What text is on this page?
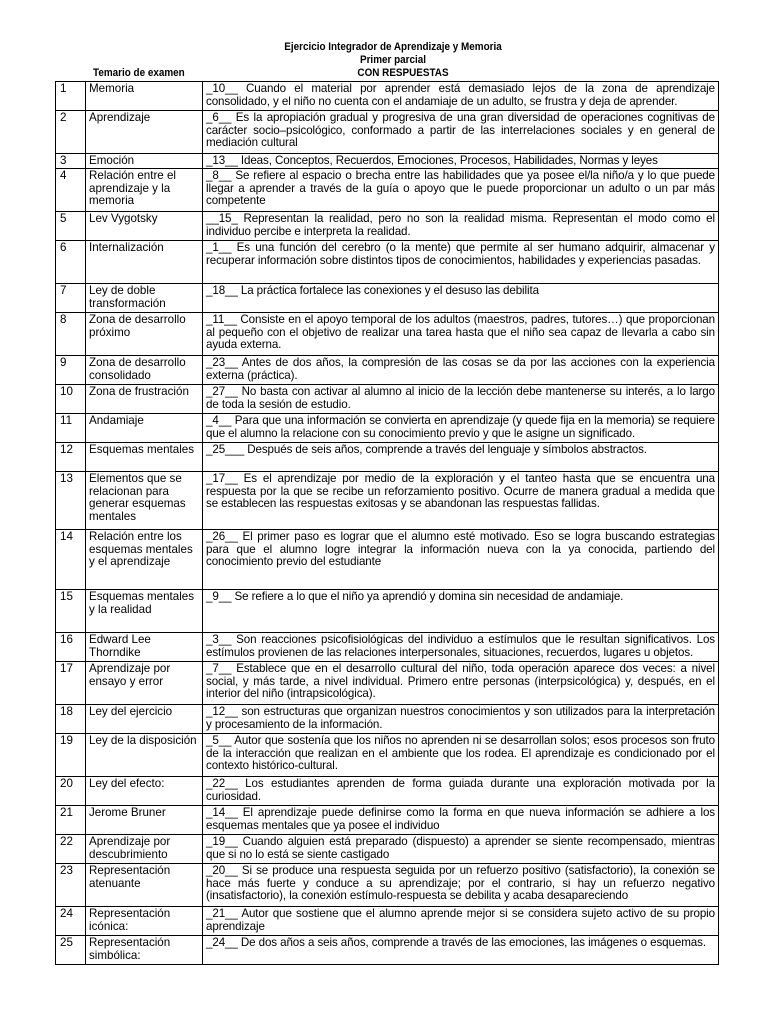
Ejercicio Integrador de Aprendizaje y Memoria
Primer parcial
Temario de examen	CON RESPUESTAS
1	Memoria	_10__ Cuando el material por aprender está demasiado lejos de la zona de aprendizaje consolidado, y el niño no cuenta con el andamiaje de un adulto, se frustra y deja de aprender.
2	Aprendizaje	_6__ Es la apropiación gradual y progresiva de una gran diversidad de operaciones cognitivas de carácter socio–psicológico, conformado a partir de las interrelaciones sociales y en general de mediación cultural
3	Emoción	_13__ Ideas, Conceptos, Recuerdos, Emociones, Procesos, Habilidades, Normas y leyes
4	Relación entre el aprendizaje y la memoria	_8__ Se refiere al espacio o brecha entre las habilidades que ya posee el/la niño/a y lo que puede llegar a aprender a través de la guía o apoyo que le puede proporcionar un adulto o un par más competente
5	Lev Vygotsky	__15_ Representan la realidad, pero no son la realidad misma. Representan el modo como el individuo percibe e interpreta la realidad.
6	Internalización	_1__ Es una función del cerebro (o la mente) que permite al ser humano adquirir, almacenar y recuperar información sobre distintos tipos de conocimientos, habilidades y experiencias pasadas.
7	Ley de doble transformación	_18__ La práctica fortalece las conexiones y el desuso las debilita
8	Zona de desarrollo próximo	_11__ Consiste en el apoyo temporal de los adultos (maestros, padres, tutores…) que proporcionan al pequeño con el objetivo de realizar una tarea hasta que el niño sea capaz de llevarla a cabo sin ayuda externa.
9	Zona de desarrollo consolidado	_23__ Antes de dos años, la compresión de las cosas se da por las acciones con la experiencia externa (práctica).
10	Zona de frustración	_27__ No basta con activar al alumno al inicio de la lección debe mantenerse su interés, a lo largo de toda la sesión de estudio.
11	Andamiaje	_4__ Para que una información se convierta en aprendizaje (y quede fija en la memoria) se requiere que el alumno la relacione con su conocimiento previo y que le asigne un significado.
12	Esquemas mentales	_25___ Después de seis años, comprende a través del lenguaje y símbolos abstractos.
13	Elementos que se relacionan para generar esquemas mentales	_17__ Es el aprendizaje por medio de la exploración y el tanteo hasta que se encuentra una respuesta por la que se recibe un reforzamiento positivo. Ocurre de manera gradual a medida que se establecen las respuestas exitosas y se abandonan las respuestas fallidas.
14	Relación entre los esquemas mentales y el aprendizaje	_26__ El primer paso es lograr que el alumno esté motivado. Eso se logra buscando estrategias para que el alumno logre integrar la información nueva con la ya conocida, partiendo del conocimiento previo del estudiante
15	Esquemas mentales y la realidad	_9__ Se refiere a lo que el niño ya aprendió y domina sin necesidad de andamiaje.
16	Edward Lee Thorndike	_3__ Son reacciones psicofisiológicas del individuo a estímulos que le resultan significativos. Los estímulos provienen de las relaciones interpersonales, situaciones, recuerdos, lugares u objetos.
17	Aprendizaje por ensayo y error	_7__ Establece que en el desarrollo cultural del niño, toda operación aparece dos veces: a nivel social, y más tarde, a nivel individual. Primero entre personas (interpsicológica) y, después, en el interior del niño (intrapsicológica).
18	Ley del ejercicio	_12__ son estructuras que organizan nuestros conocimientos y son utilizados para la interpretación y procesamiento de la información.
19	Ley de la disposición	_5__ Autor que sostenía que los niños no aprenden ni se desarrollan solos; esos procesos son fruto de la interacción que realizan en el ambiente que los rodea. El aprendizaje es condicionado por el contexto histórico-cultural.
20	Ley del efecto:	_22__ Los estudiantes aprenden de forma guiada durante una exploración motivada por la curiosidad.
21	Jerome Bruner	_14__ El aprendizaje puede definirse como la forma en que nueva información se adhiere a los esquemas mentales que ya posee el individuo
22	Aprendizaje por descubrimiento	_19__ Cuando alguien está preparado (dispuesto) a aprender se siente recompensado, mientras que si no lo está se siente castigado
23	Representación atenuante	_20__ Si se produce una respuesta seguida por un refuerzo positivo (satisfactorio), la conexión se hace más fuerte y conduce a su aprendizaje; por el contrario, si hay un refuerzo negativo (insatisfactorio), la conexión estímulo-respuesta se debilita y acaba desapareciendo
24	Representación icónica:	_21__ Autor que sostiene que el alumno aprende mejor si se considera sujeto activo de su propio aprendizaje
25	Representación simbólica:	_24__ De dos años a seis años, comprende a través de las emociones, las imágenes o esquemas.
